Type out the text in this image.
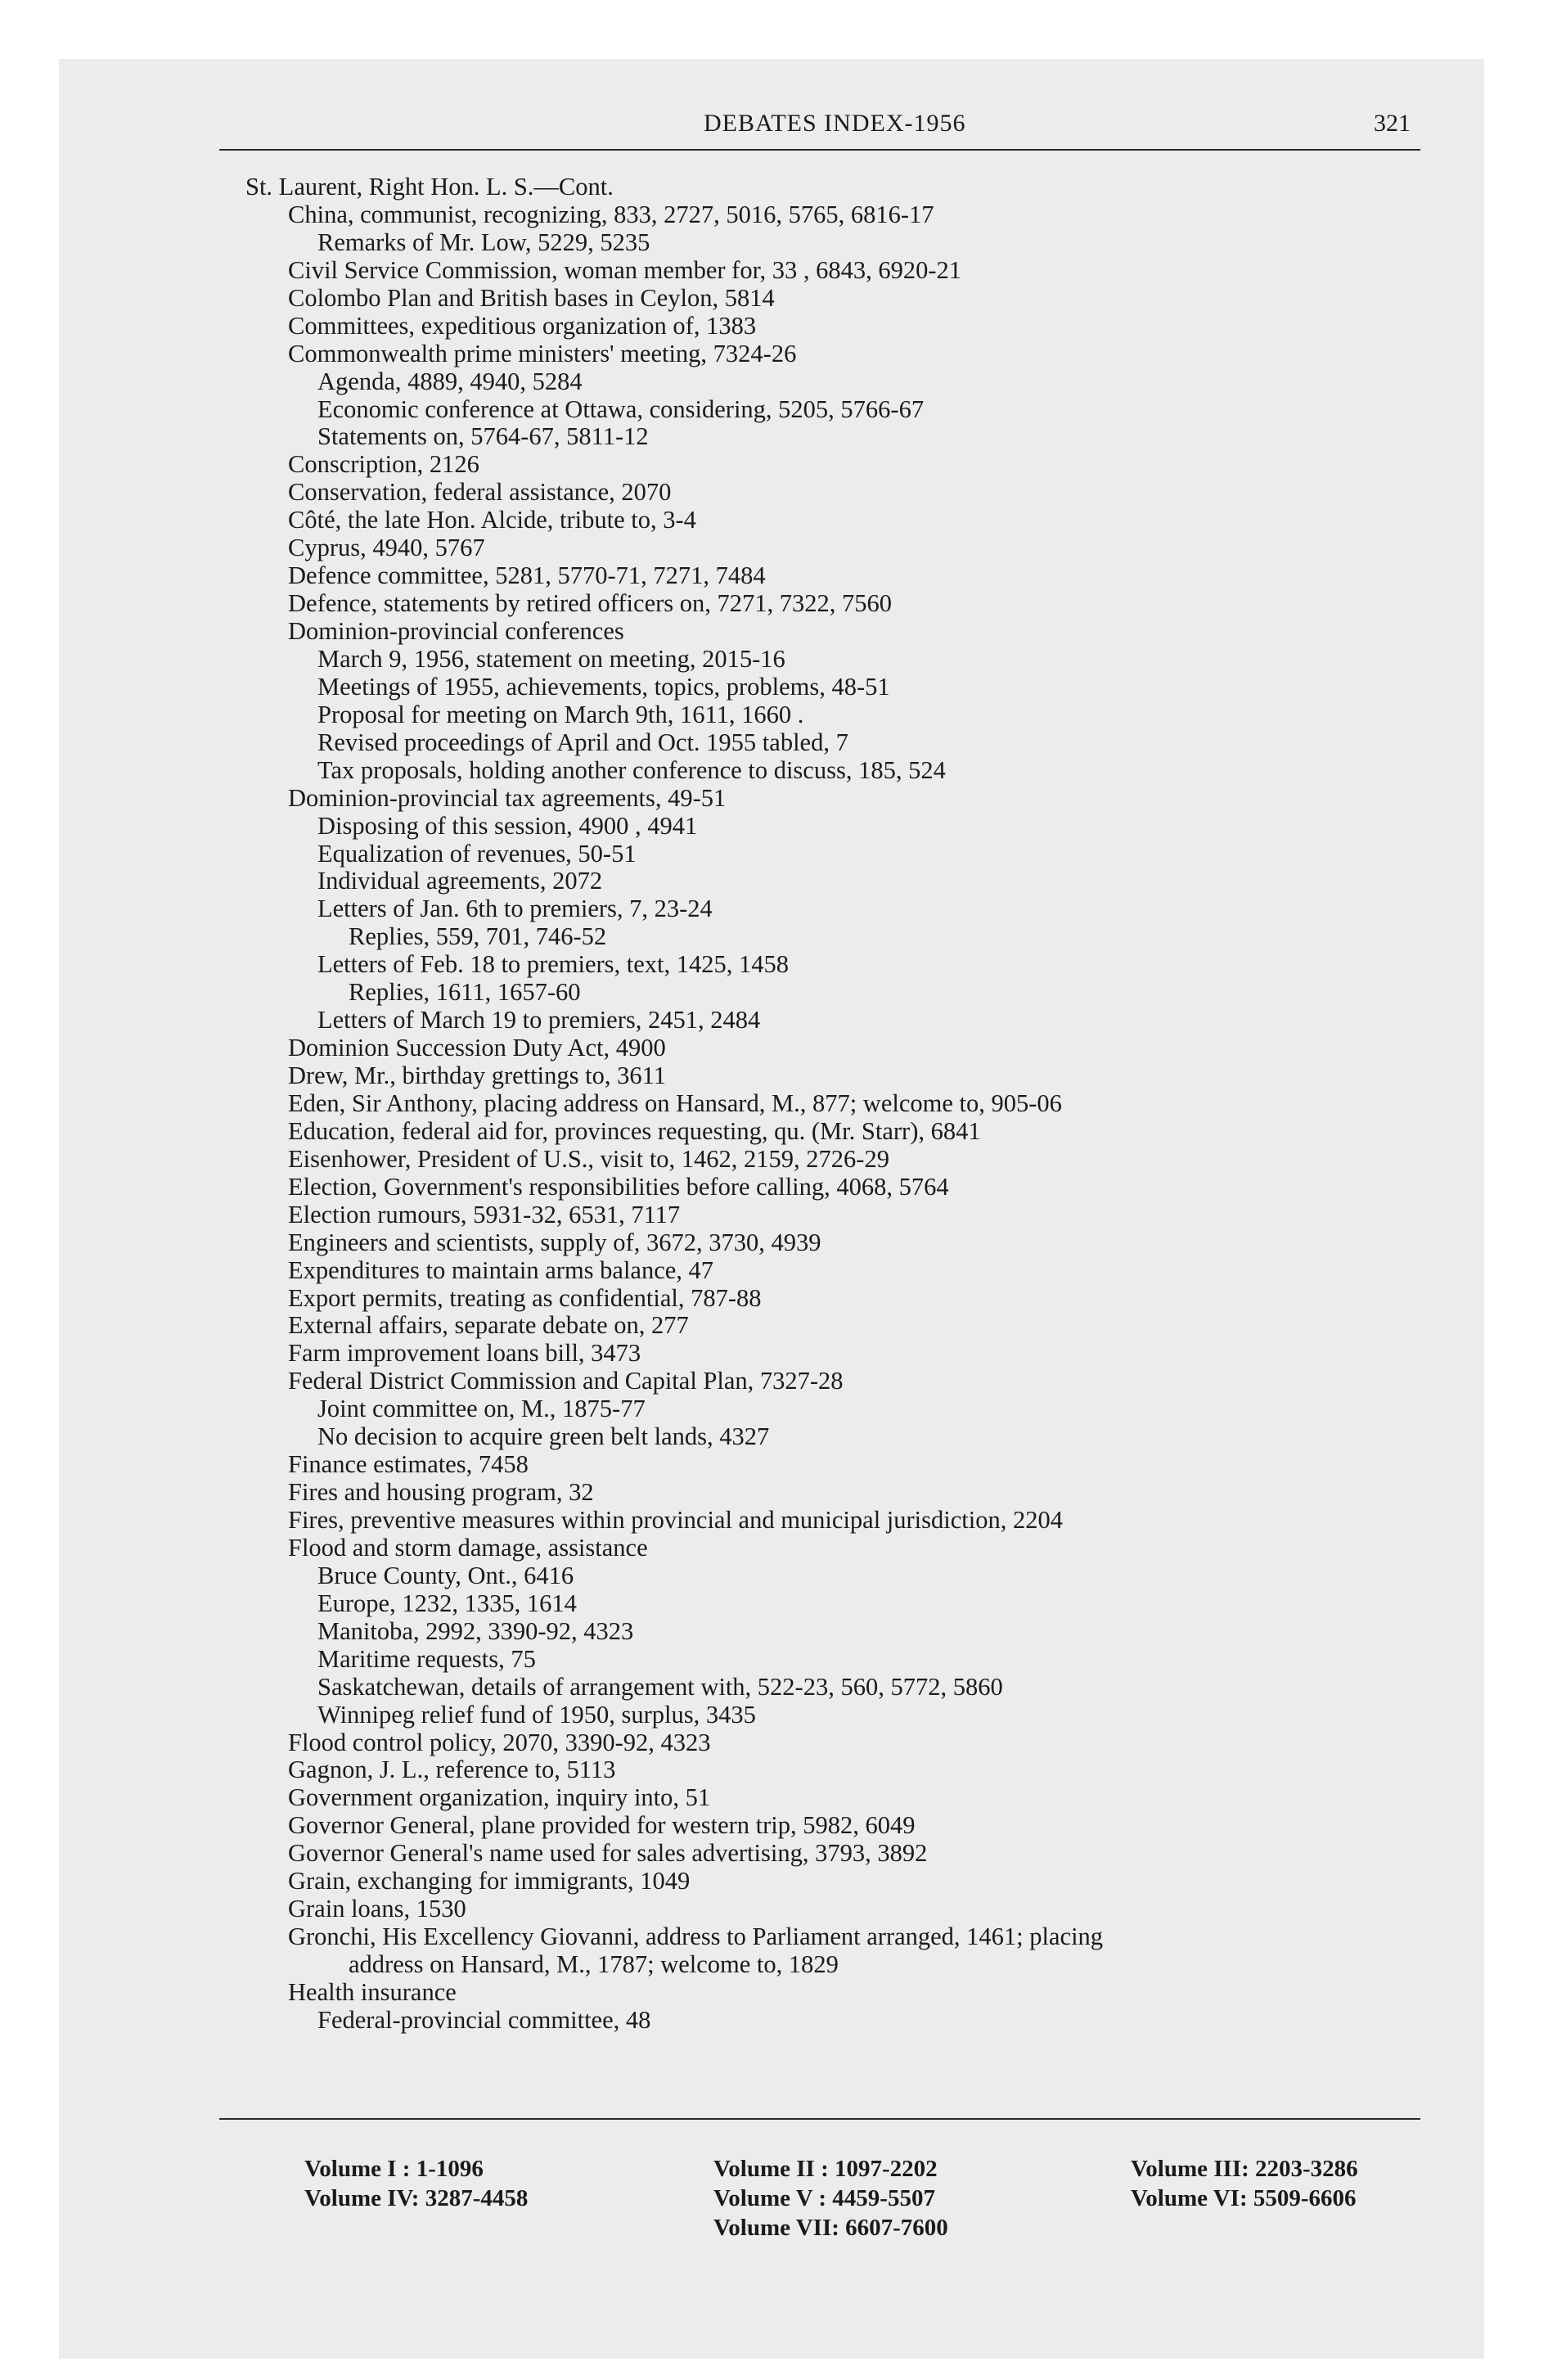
DEBATES INDEX-1956	321
St. Laurent, Right Hon. L. S.—Cont.
China, communist, recognizing, 833, 2727, 5016, 5765, 6816-17
Remarks of Mr. Low, 5229, 5235
Civil Service Commission, woman member for, 33 , 6843, 6920-21
Colombo Plan and British bases in Ceylon, 5814
Committees, expeditious organization of, 1383
Commonwealth prime ministers' meeting, 7324-26
Agenda, 4889, 4940, 5284
Economic conference at Ottawa, considering, 5205, 5766-67
Statements on, 5764-67, 5811-12
Conscription, 2126
Conservation, federal assistance, 2070
Côté, the late Hon. Alcide, tribute to, 3-4
Cyprus, 4940, 5767
Defence committee, 5281, 5770-71, 7271, 7484
Defence, statements by retired officers on, 7271, 7322, 7560
Dominion-provincial conferences
March 9, 1956, statement on meeting, 2015-16
Meetings of 1955, achievements, topics, problems, 48-51
Proposal for meeting on March 9th, 1611, 1660 .
Revised proceedings of April and Oct. 1955 tabled, 7
Tax proposals, holding another conference to discuss, 185, 524
Dominion-provincial tax agreements, 49-51
Disposing of this session, 4900 , 4941
Equalization of revenues, 50-51
Individual agreements, 2072
Letters of Jan. 6th to premiers, 7, 23-24
Replies, 559, 701, 746-52
Letters of Feb. 18 to premiers, text, 1425, 1458
Replies, 1611, 1657-60
Letters of March 19 to premiers, 2451, 2484
Dominion Succession Duty Act, 4900
Drew, Mr., birthday grettings to, 3611
Eden, Sir Anthony, placing address on Hansard, M., 877; welcome to, 905-06
Education, federal aid for, provinces requesting, qu. (Mr. Starr), 6841
Eisenhower, President of U.S., visit to, 1462, 2159, 2726-29
Election, Government's responsibilities before calling, 4068, 5764
Election rumours, 5931-32, 6531, 7117
Engineers and scientists, supply of, 3672, 3730, 4939
Expenditures to maintain arms balance, 47
Export permits, treating as confidential, 787-88
External affairs, separate debate on, 277
Farm improvement loans bill, 3473
Federal District Commission and Capital Plan, 7327-28
Joint committee on, M., 1875-77
No decision to acquire green belt lands, 4327
Finance estimates, 7458
Fires and housing program, 32
Fires, preventive measures within provincial and municipal jurisdiction, 2204
Flood and storm damage, assistance
Bruce County, Ont., 6416
Europe, 1232, 1335, 1614
Manitoba, 2992, 3390-92, 4323
Maritime requests, 75
Saskatchewan, details of arrangement with, 522-23, 560, 5772, 5860
Winnipeg relief fund of 1950, surplus, 3435
Flood control policy, 2070, 3390-92, 4323
Gagnon, J. L., reference to, 5113
Government organization, inquiry into, 51
Governor General, plane provided for western trip, 5982, 6049
Governor General's name used for sales advertising, 3793, 3892
Grain, exchanging for immigrants, 1049
Grain loans, 1530
Gronchi, His Excellency Giovanni, address to Parliament arranged, 1461; placing
address on Hansard, M., 1787; welcome to, 1829
Health insurance
Federal-provincial committee, 48
Volume I : 1-1096
Volume IV: 3287-4458
Volume II : 1097-2202
Volume V : 4459-5507
Volume VII: 6607-7600
Volume III: 2203-3286
Volume VI: 5509-6606
